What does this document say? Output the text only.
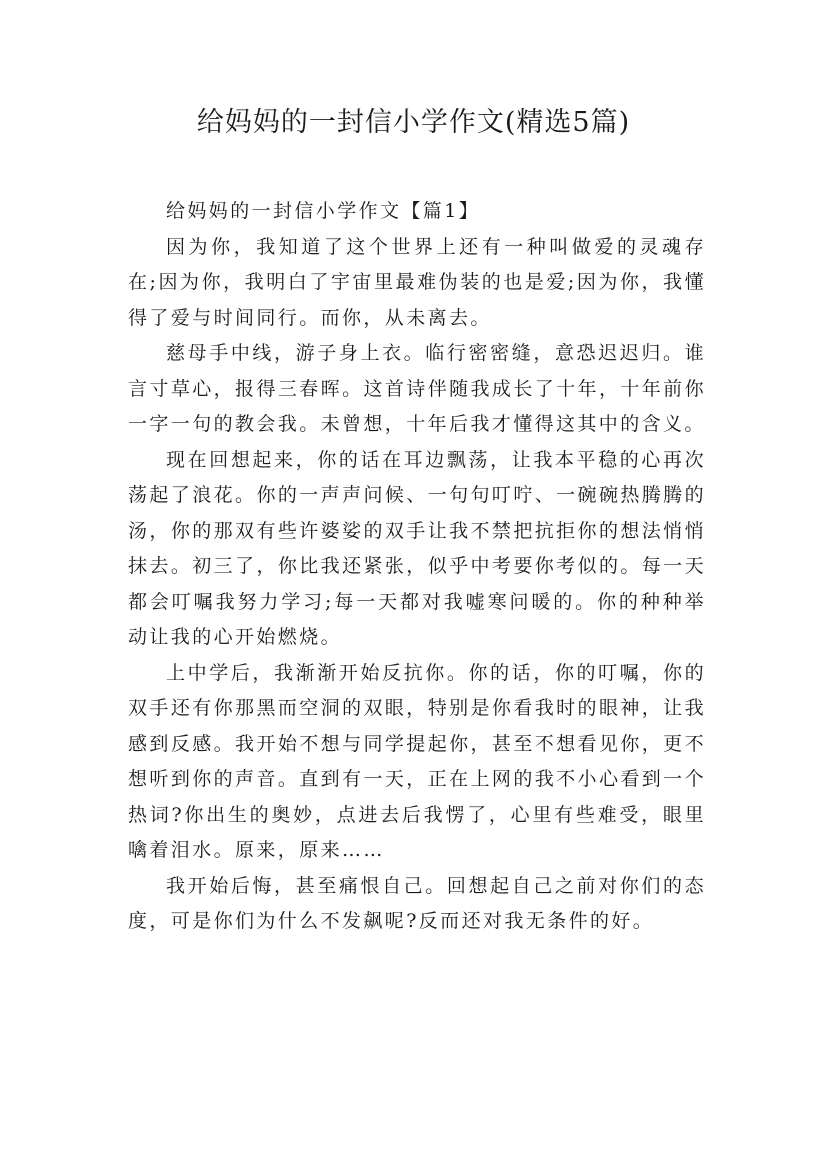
给妈妈的一封信小学作文(精选5篇)

给妈妈的一封信小学作文【篇1】

因为你，我知道了这个世界上还有一种叫做爱的灵魂存在;因为你，我明白了宇宙里最难伪装的也是爱;因为你，我懂得了爱与时间同行。而你，从未离去。

慈母手中线，游子身上衣。临行密密缝，意恐迟迟归。谁言寸草心，报得三春晖。这首诗伴随我成长了十年，十年前你一字一句的教会我。未曾想，十年后我才懂得这其中的含义。

现在回想起来，你的话在耳边飘荡，让我本平稳的心再次荡起了浪花。你的一声声问候、一句句叮咛、一碗碗热腾腾的汤，你的那双有些许婆娑的双手让我不禁把抗拒你的想法悄悄抹去。初三了，你比我还紧张，似乎中考要你考似的。每一天都会叮嘱我努力学习;每一天都对我嘘寒问暖的。你的种种举动让我的心开始燃烧。

上中学后，我渐渐开始反抗你。你的话，你的叮嘱，你的双手还有你那黑而空洞的双眼，特别是你看我时的眼神，让我感到反感。我开始不想与同学提起你，甚至不想看见你，更不想听到你的声音。直到有一天，正在上网的我不小心看到一个热词?你出生的奥妙，点进去后我愣了，心里有些难受，眼里噙着泪水。原来，原来……

我开始后悔，甚至痛恨自己。回想起自己之前对你们的态度，可是你们为什么不发飙呢?反而还对我无条件的好。
